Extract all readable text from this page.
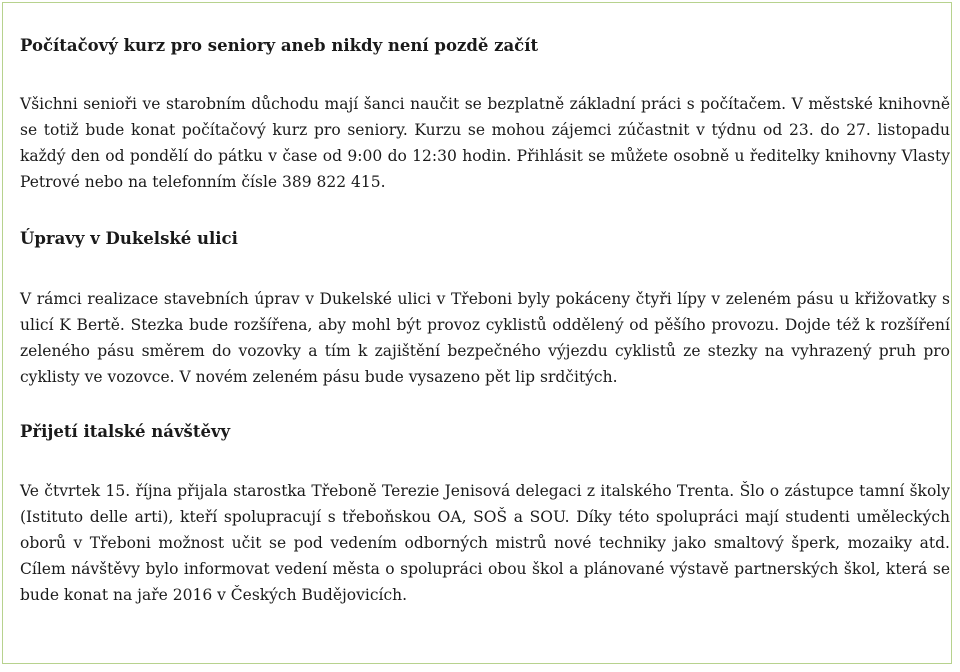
Počítačový kurz pro seniory aneb nikdy není pozdě začít

Všichni senioři ve starobním důchodu mají šanci naučit se bezplatně základní práci s počítačem. V městské knihovně se totiž bude konat počítačový kurz pro seniory. Kurzu se mohou zájemci zúčastnit v týdnu od 23. do 27. listopadu každý den od pondělí do pátku v čase od 9:00 do 12:30 hodin. Přihlásit se můžete osobně u ředitelky knihovny Vlasty Petrové nebo na telefonním čísle 389 822 415.

Úpravy v Dukelské ulici

V rámci realizace stavebních úprav v Dukelské ulici v Třeboni byly pokáceny čtyři lípy v zeleném pásu u křižovatky s ulicí K Bertě. Stezka bude rozšířena, aby mohl být provoz cyklistů oddělený od pěšího provozu. Dojde též k rozšíření zeleného pásu směrem do vozovky a tím k zajištění bezpečného výjezdu cyklistů ze stezky na vyhrazený pruh pro cyklisty ve vozovce. V novém zeleném pásu bude vysazeno pět lip srdčitých.

Přijetí italské návštěvy

Ve čtvrtek 15. října přijala starostka Třeboně Terezie Jenisová delegaci z italského Trenta. Šlo o zástupce tamní školy (Istituto delle arti), kteří spolupracují s třeboňskou OA, SOŠ a SOU. Díky této spolupráci mají studenti uměleckých oborů v Třeboni možnost učit se pod vedením odborných mistrů nové techniky jako smaltový šperk, mozaiky atd. Cílem návštěvy bylo informovat vedení města o spolupráci obou škol a plánované výstavě partnerských škol, která se bude konat na jaře 2016 v Českých Budějovicích.
